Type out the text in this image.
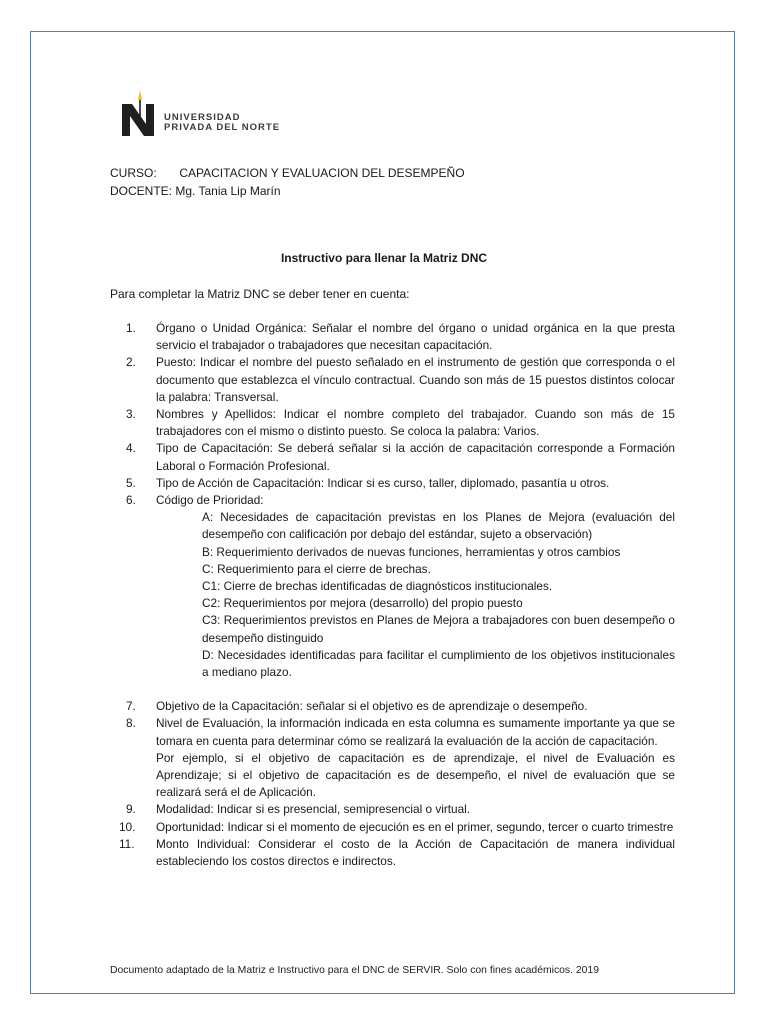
UNIVERSIDAD
PRIVADA DEL NORTE
CURSO: CAPACITACION Y EVALUACION DEL DESEMPEÑO
DOCENTE: Mg. Tania Lip Marín
Instructivo para llenar la Matriz DNC
Para completar la Matriz DNC se deber tener en cuenta:

1. Órgano o Unidad Orgánica: Señalar el nombre del órgano o unidad orgánica en la que presta servicio el trabajador o trabajadores que necesitan capacitación.

2. Puesto: Indicar el nombre del puesto señalado en el instrumento de gestión que corresponda o el documento que establezca el vínculo contractual. Cuando son más de 15 puestos distintos colocar la palabra: Transversal.

3. Nombres y Apellidos: Indicar el nombre completo del trabajador. Cuando son más de 15 trabajadores con el mismo o distinto puesto. Se coloca la palabra: Varios.

4. Tipo de Capacitación: Se deberá señalar si la acción de capacitación corresponde a Formación Laboral o Formación Profesional.

5. Tipo de Acción de Capacitación: Indicar si es curso, taller, diplomado, pasantía u otros.

6. Código de Prioridad:

A: Necesidades de capacitación previstas en los Planes de Mejora (evaluación del desempeño con calificación por debajo del estándar, sujeto a observación)

B: Requerimiento derivados de nuevas funciones, herramientas y otros cambios

C: Requerimiento para el cierre de brechas.

C1: Cierre de brechas identificadas de diagnósticos institucionales.

C2: Requerimientos por mejora (desarrollo) del propio puesto

C3: Requerimientos previstos en Planes de Mejora a trabajadores con buen desempeño o desempeño distinguido

D: Necesidades identificadas para facilitar el cumplimiento de los objetivos institucionales a mediano plazo.

7. Objetivo de la Capacitación: señalar si el objetivo es de aprendizaje o desempeño.

8. Nivel de Evaluación, la información indicada en esta columna es sumamente importante ya que se tomara en cuenta para determinar cómo se realizará la evaluación de la acción de capacitación.

Por ejemplo, si el objetivo de capacitación es de aprendizaje, el nivel de Evaluación es Aprendizaje; si el objetivo de capacitación es de desempeño, el nivel de evaluación que se realizará será el de Aplicación.

9. Modalidad: Indicar si es presencial, semipresencial o virtual.

10. Oportunidad: Indicar si el momento de ejecución es en el primer, segundo, tercer o cuarto trimestre

11. Monto Individual: Considerar el costo de la Acción de Capacitación de manera individual estableciendo los costos directos e indirectos.

Documento adaptado de la Matriz e Instructivo para el DNC de SERVIR. Solo con fines académicos. 2019
